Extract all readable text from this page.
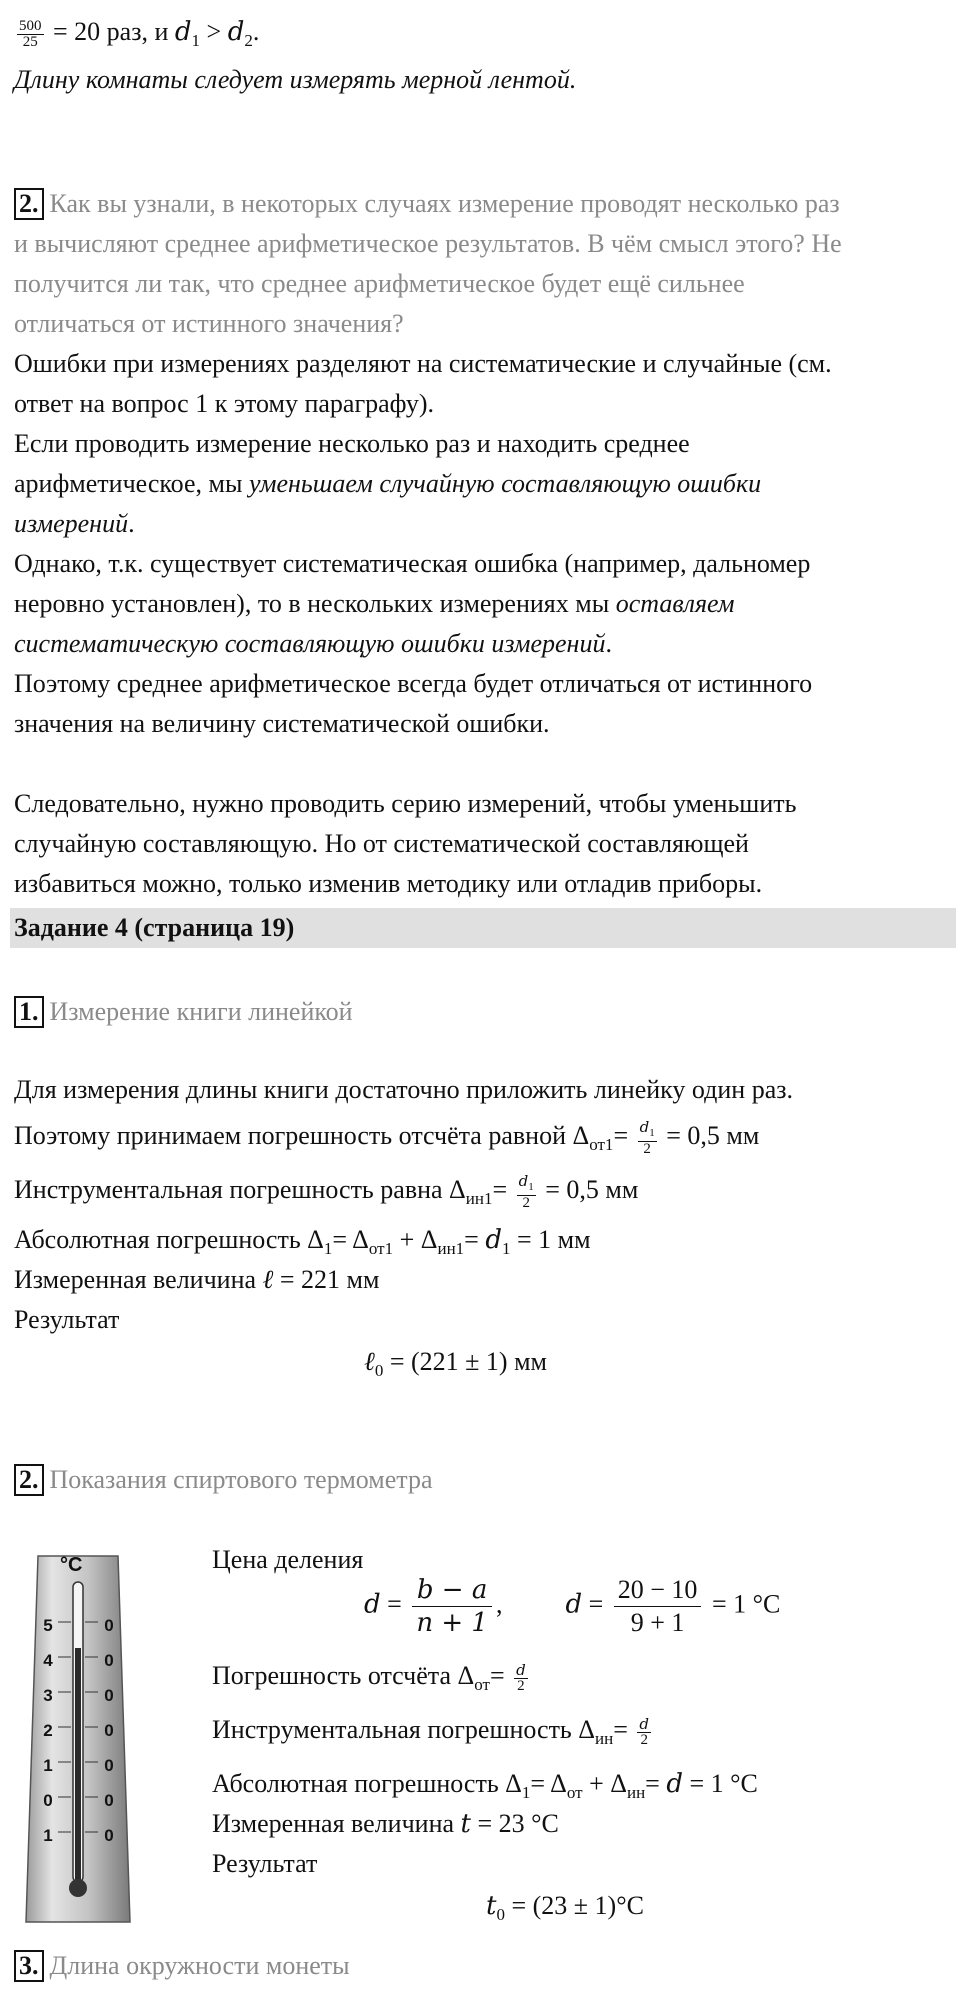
$\frac{500}{25} = 20$ раз, и $d_1 > d_2$.
Длину комнаты следует измерять мерной лентой.
2. Как вы узнали, в некоторых случаях измерение проводят несколько раз
и вычисляют среднее арифметическое результатов. В чём смысл этого? Не
получится ли так, что среднее арифметическое будет ещё сильнее
отличаться от истинного значения?
Ошибки при измерениях разделяют на систематические и случайные (см.
ответ на вопрос 1 к этому параграфу).
Если проводить измерение несколько раз и находить среднее
арифметическое, мы уменьшаем случайную составляющую ошибки
измерений.
Однако, т.к. существует систематическая ошибка (например, дальномер
неровно установлен), то в нескольких измерениях мы оставляем
систематическую составляющую ошибки измерений.
Поэтому среднее арифметическое всегда будет отличаться от истинного
значения на величину систематической ошибки.
Следовательно, нужно проводить серию измерений, чтобы уменьшить
случайную составляющую. Но от систематической составляющей
избавиться можно, только изменив методику или отладив приборы.
Задание 4 (страница 19)
1. Измерение книги линейкой
Для измерения длины книги достаточно приложить линейку один раз.
Поэтому принимаем погрешность отсчёта равной $\Delta_{от1}= \frac{d_1}{2} = 0,5$ мм
Инструментальная погрешность равна $\Delta_{ин1}= \frac{d_1}{2} = 0,5$ мм
Абсолютная погрешность $\Delta_1= \Delta_{от1} + \Delta_{ин1}= d_1 = 1$ мм
Измеренная величина ℓ = 221 мм
Результат
ℓ$_0$ = (221 ± 1) мм
2. Показания спиртового термометра
°C
5
4
3
2
1
0
1
0
0
0
0
0
0
0
Цена деления
$d = \frac{b - a}{n + 1}$ , $d = \frac{20 - 10}{9 + 1} = 1$ °C
Погрешность отсчёта $\Delta_{от}= \frac{d}{2}$
Инструментальная погрешность $\Delta_{ин}= \frac{d}{2}$
Абсолютная погрешность $\Delta_1= \Delta_{от} + \Delta_{ин}= d = 1$ °C
Измеренная величина t = 23 °C
Результат
$t_0 = (23 \pm 1)^\circ C$
3. Длина окружности монеты
